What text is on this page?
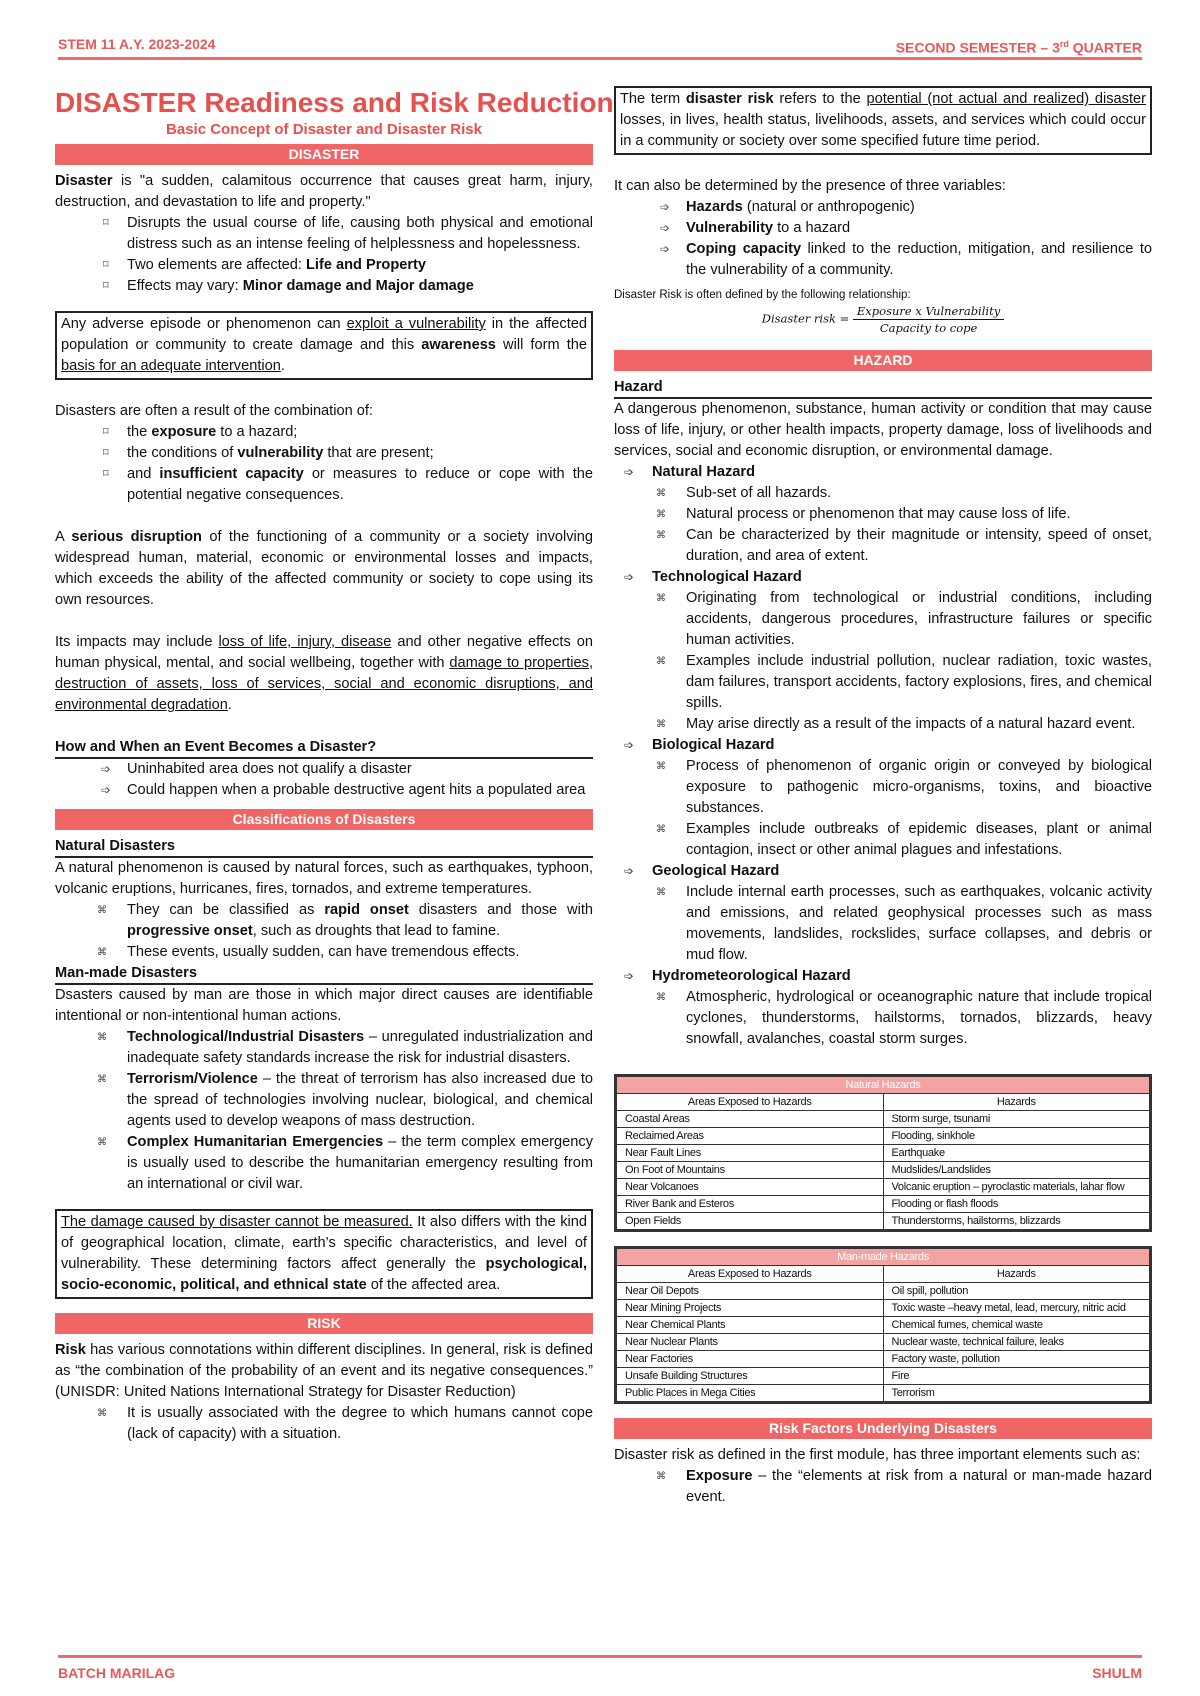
STEM 11 A.Y. 2023-2024	SECOND SEMESTER – 3rd QUARTER
DISASTER Readiness and Risk Reduction
Basic Concept of Disaster and Disaster Risk
DISASTER
Disaster is "a sudden, calamitous occurrence that causes great harm, injury, destruction, and devastation to life and property."
⌑ Disrupts the usual course of life, causing both physical and emotional distress such as an intense feeling of helplessness and hopelessness.
⌑ Two elements are affected: Life and Property
⌑ Effects may vary: Minor damage and Major damage
Any adverse episode or phenomenon can exploit a vulnerability in the affected population or community to create damage and this awareness will form the basis for an adequate intervention.
Disasters are often a result of the combination of:
⌑ the exposure to a hazard;
⌑ the conditions of vulnerability that are present;
⌑ and insufficient capacity or measures to reduce or cope with the potential negative consequences.
A serious disruption of the functioning of a community or a society involving widespread human, material, economic or environmental losses and impacts, which exceeds the ability of the affected community or society to cope using its own resources.
Its impacts may include loss of life, injury, disease and other negative effects on human physical, mental, and social wellbeing, together with damage to properties, destruction of assets, loss of services, social and economic disruptions, and environmental degradation.
How and When an Event Becomes a Disaster?
➩ Uninhabited area does not qualify a disaster
➩ Could happen when a probable destructive agent hits a populated area
Classifications of Disasters
Natural Disasters
A natural phenomenon is caused by natural forces, such as earthquakes, typhoon, volcanic eruptions, hurricanes, fires, tornados, and extreme temperatures.
⌘ They can be classified as rapid onset disasters and those with progressive onset, such as droughts that lead to famine.
⌘ These events, usually sudden, can have tremendous effects.
Man-made Disasters
Dsasters caused by man are those in which major direct causes are identifiable intentional or non-intentional human actions.
⌘ Technological/Industrial Disasters – unregulated industrialization and inadequate safety standards increase the risk for industrial disasters.
⌘ Terrorism/Violence – the threat of terrorism has also increased due to the spread of technologies involving nuclear, biological, and chemical agents used to develop weapons of mass destruction.
⌘ Complex Humanitarian Emergencies – the term complex emergency is usually used to describe the humanitarian emergency resulting from an international or civil war.
The damage caused by disaster cannot be measured. It also differs with the kind of geographical location, climate, earth’s specific characteristics, and level of vulnerability. These determining factors affect generally the psychological, socio-economic, political, and ethnical state of the affected area.
RISK
Risk has various connotations within different disciplines. In general, risk is defined as “the combination of the probability of an event and its negative consequences.” (UNISDR: United Nations International Strategy for Disaster Reduction)
⌘ It is usually associated with the degree to which humans cannot cope (lack of capacity) with a situation.
The term disaster risk refers to the potential (not actual and realized) disaster losses, in lives, health status, livelihoods, assets, and services which could occur in a community or society over some specified future time period.
It can also be determined by the presence of three variables:
➩ Hazards (natural or anthropogenic)
➩ Vulnerability to a hazard
➩ Coping capacity linked to the reduction, mitigation, and resilience to the vulnerability of a community.
Disaster Risk is often defined by the following relationship:
Disaster risk = $\frac{\text{Exposure x Vulnerability}}{\text{Capacity to cope}}$
HAZARD
Hazard
A dangerous phenomenon, substance, human activity or condition that may cause loss of life, injury, or other health impacts, property damage, loss of livelihoods and services, social and economic disruption, or environmental damage.
➩ Natural Hazard
⌘ Sub-set of all hazards.
⌘ Natural process or phenomenon that may cause loss of life.
⌘ Can be characterized by their magnitude or intensity, speed of onset, duration, and area of extent.
➩ Technological Hazard
⌘ Originating from technological or industrial conditions, including accidents, dangerous procedures, infrastructure failures or specific human activities.
⌘ Examples include industrial pollution, nuclear radiation, toxic wastes, dam failures, transport accidents, factory explosions, fires, and chemical spills.
⌘ May arise directly as a result of the impacts of a natural hazard event.
➩ Biological Hazard
⌘ Process of phenomenon of organic origin or conveyed by biological exposure to pathogenic micro-organisms, toxins, and bioactive substances.
⌘ Examples include outbreaks of epidemic diseases, plant or animal contagion, insect or other animal plagues and infestations.
➩ Geological Hazard
⌘ Include internal earth processes, such as earthquakes, volcanic activity and emissions, and related geophysical processes such as mass movements, landslides, rockslides, surface collapses, and debris or mud flow.
➩ Hydrometeorological Hazard
⌘ Atmospheric, hydrological or oceanographic nature that include tropical cyclones, thunderstorms, hailstorms, tornados, blizzards, heavy snowfall, avalanches, coastal storm surges.
Natural Hazards	
Areas Exposed to Hazards	Hazards
Coastal Areas	Storm surge, tsunami
Reclaimed Areas	Flooding, sinkhole
Near Fault Lines	Earthquake
On Foot of Mountains	Mudslides/Landslides
Near Volcanoes	Volcanic eruption – pyroclastic materials, lahar flow
River Bank and Esteros	Flooding or flash floods
Open Fields	Thunderstorms, hailstorms, blizzards
Man-made Hazards	
Areas Exposed to Hazards	Hazards
Near Oil Depots	Oil spill, pollution
Near Mining Projects	Toxic waste –heavy metal, lead, mercury, nitric acid
Near Chemical Plants	Chemical fumes, chemical waste
Near Nuclear Plants	Nuclear waste, technical failure, leaks
Near Factories	Factory waste, pollution
Unsafe Building Structures	Fire
Public Places in Mega Cities	Terrorism
Risk Factors Underlying Disasters
Disaster risk as defined in the first module, has three important elements such as:
⌘ Exposure – the “elements at risk from a natural or man-made hazard event.
BATCH MARILAG	SHULM
